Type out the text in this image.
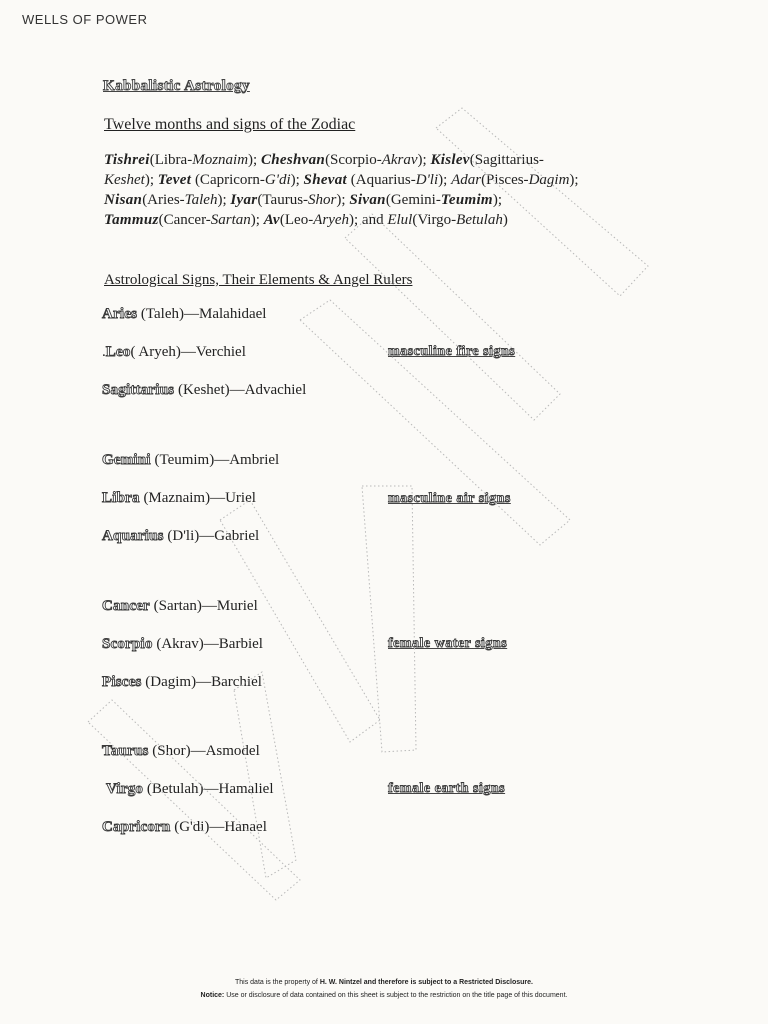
WELLS OF POWER
Kabbalistic Astrology
Twelve months and signs of the Zodiac
Tishrei(Libra-Moznaim); Cheshvan(Scorpio-Akrav); Kislev(Sagittarius-
Keshet); Tevet (Capricorn-G'di); Shevat (Aquarius-D'li); Adar(Pisces-Dagim);
Nisan(Aries-Taleh); Iyar(Taurus-Shor); Sivan(Gemini-Teumim);
Tammuz(Cancer-Sartan); Av(Leo-Aryeh); and Elul(Virgo-Betulah)
Astrological Signs, Their Elements & Angel Rulers
Aries (Taleh)—Malahidael
.Leo( Aryeh)—Verchiel
Sagittarius (Keshet)—Advachiel
Gemini (Teumim)—Ambriel
Libra (Maznaim)—Uriel
Aquarius (D'li)—Gabriel
Cancer (Sartan)—Muriel
Scorpio (Akrav)—Barbiel
Pisces (Dagim)—Barchiel
Taurus (Shor)—Asmodel
Virgo (Betulah)—Hamaliel
Capricorn (G'di)—Hanael
masculine fire signs
masculine air signs
female water signs
female earth signs
This data is the property of H. W. Nintzel and therefore is subject to a Restricted Disclosure.
Notice: Use or disclosure of data contained on this sheet is subject to the restriction on the title page of this document.
